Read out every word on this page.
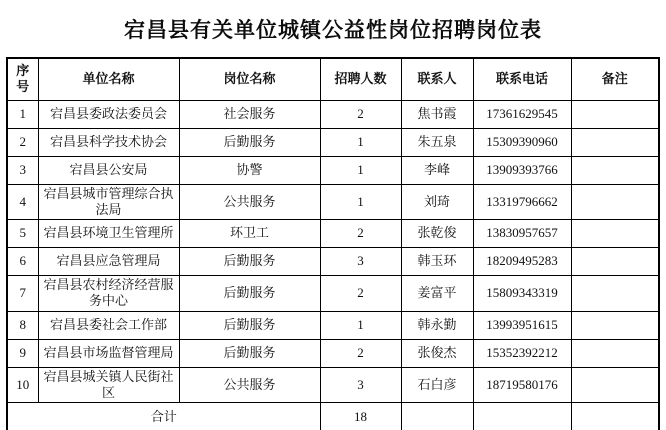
宕昌县有关单位城镇公益性岗位招聘岗位表
序号	单位名称	岗位名称	招聘人数	联系人	联系电话	备注
1	宕昌县委政法委员会	社会服务	2	焦书霞	17361629545	
2	宕昌县科学技术协会	后勤服务	1	朱五泉	15309390960	
3	宕昌县公安局	协警	1	李峰	13909393766	
4	宕昌县城市管理综合执法局	公共服务	1	刘琦	13319796662	
5	宕昌县环境卫生管理所	环卫工	2	张乾俊	13830957657	
6	宕昌县应急管理局	后勤服务	3	韩玉环	18209495283	
7	宕昌县农村经济经营服务中心	后勤服务	2	姜富平	15809343319	
8	宕昌县委社会工作部	后勤服务	1	韩永勤	13993951615	
9	宕昌县市场监督管理局	后勤服务	2	张俊杰	15352392212	
10	宕昌县城关镇人民街社区	公共服务	3	石白彦	18719580176	
合计			18			
